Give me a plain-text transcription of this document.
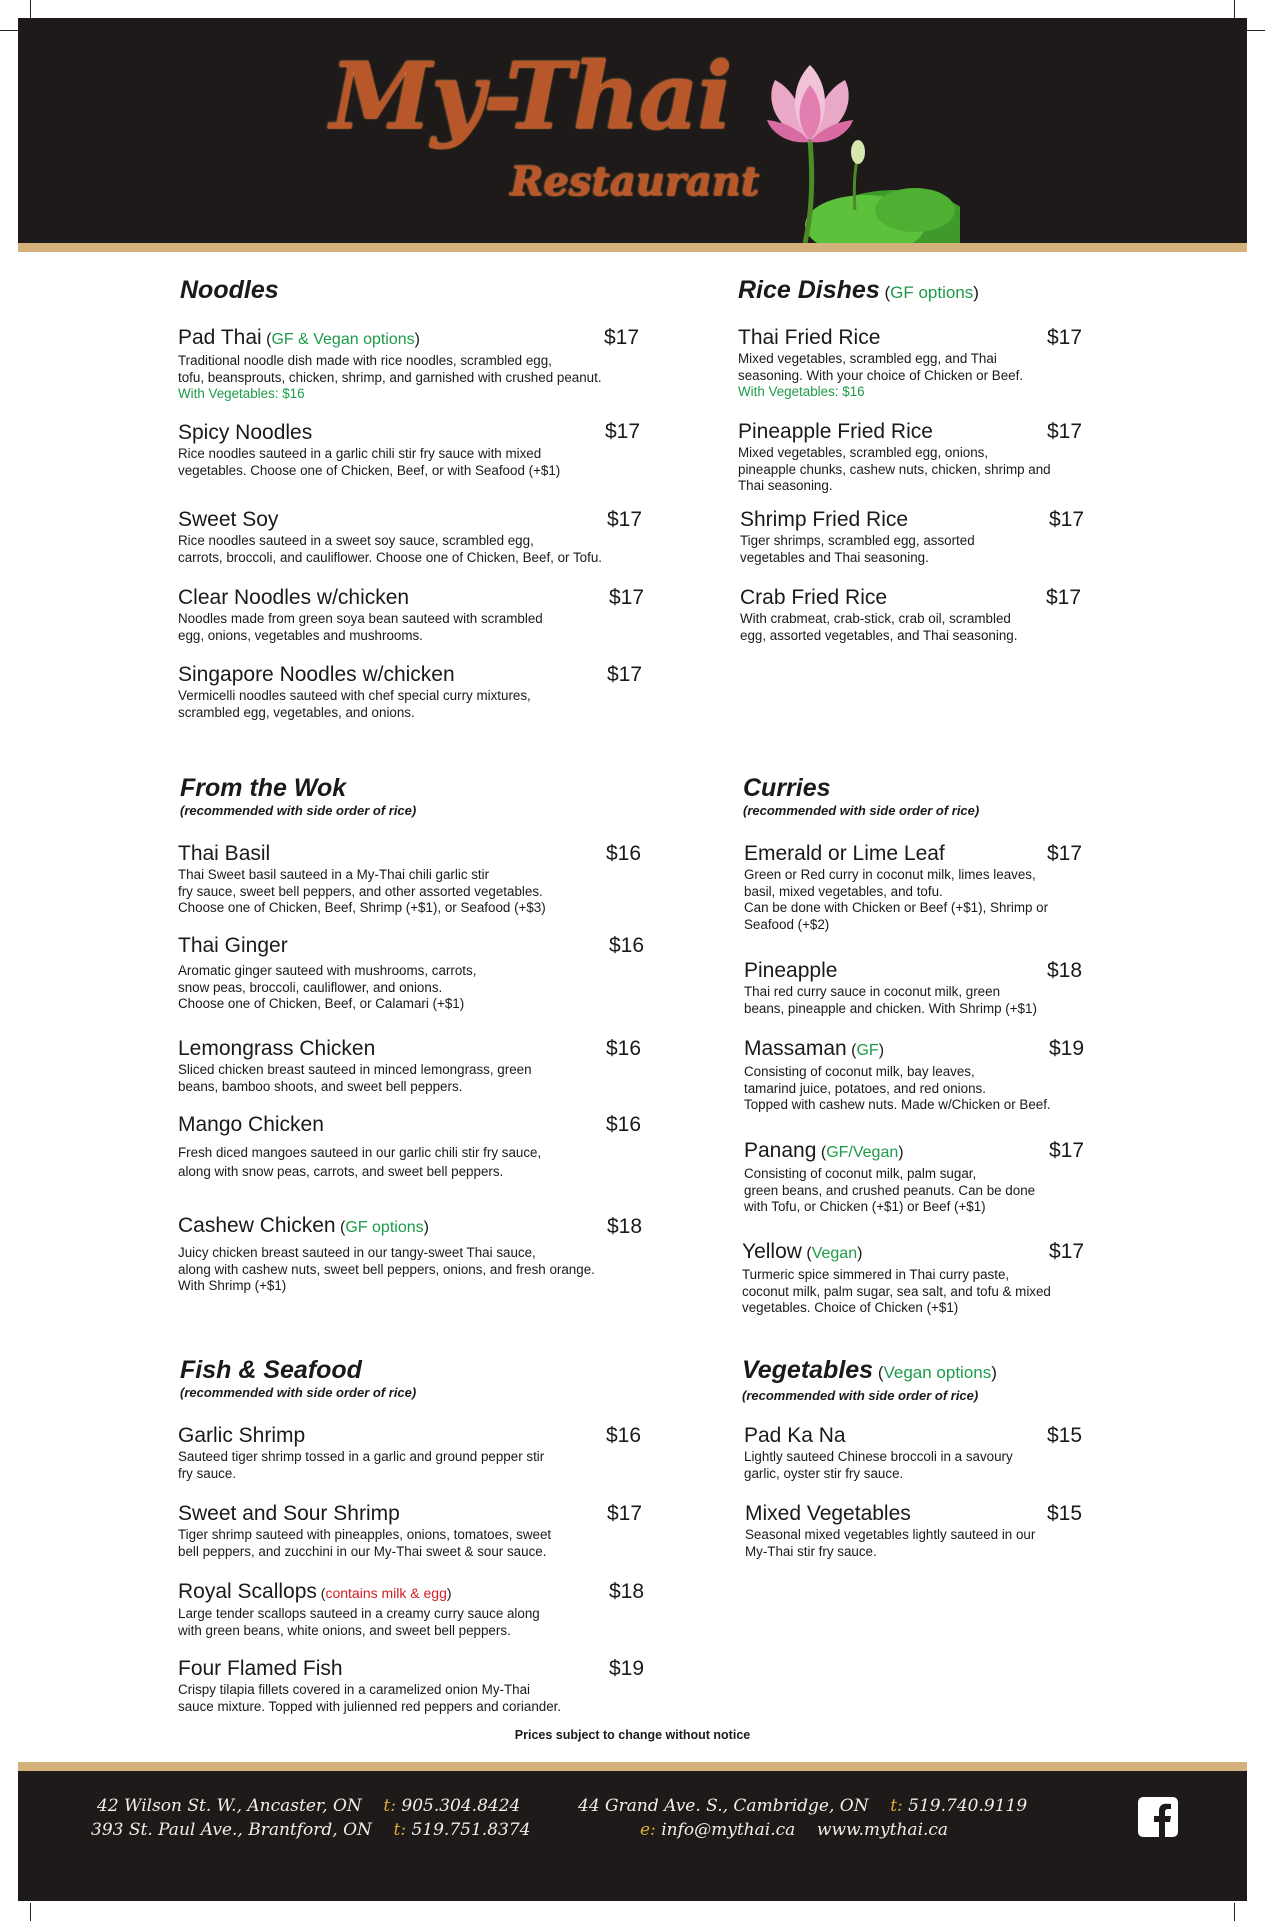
My-Thai
Restaurant
Noodles
Pad Thai (GF & Vegan options)
Traditional noodle dish made with rice noodles, scrambled egg,
tofu, beansprouts, chicken, shrimp, and garnished with crushed peanut.
With Vegetables: $16
$17
Spicy Noodles
Rice noodles sauteed in a garlic chili stir fry sauce with mixed
vegetables. Choose one of Chicken, Beef, or with Seafood (+$1)
$17
Sweet Soy
Rice noodles sauteed in a sweet soy sauce, scrambled egg,
carrots, broccoli, and cauliflower. Choose one of Chicken, Beef, or Tofu.
$17
Clear Noodles w/chicken
Noodles made from green soya bean sauteed with scrambled
egg, onions, vegetables and mushrooms.
$17
Singapore Noodles w/chicken
Vermicelli noodles sauteed with chef special curry mixtures,
scrambled egg, vegetables, and onions.
$17
Rice Dishes (GF options)
Thai Fried Rice
Mixed vegetables, scrambled egg, and Thai
seasoning. With your choice of Chicken or Beef.
With Vegetables: $16
$17
Pineapple Fried Rice
Mixed vegetables, scrambled egg, onions,
pineapple chunks, cashew nuts, chicken, shrimp and
Thai seasoning.
$17
Shrimp Fried Rice
Tiger shrimps, scrambled egg, assorted
vegetables and Thai seasoning.
$17
Crab Fried Rice
With crabmeat, crab-stick, crab oil, scrambled
egg, assorted vegetables, and Thai seasoning.
$17
From the Wok
(recommended with side order of rice)
Thai Basil
Thai Sweet basil sauteed in a My-Thai chili garlic stir
fry sauce, sweet bell peppers, and other assorted vegetables.
Choose one of Chicken, Beef, Shrimp (+$1), or Seafood (+$3)
$16
Thai Ginger
Aromatic ginger sauteed with mushrooms, carrots,
snow peas, broccoli, cauliflower, and onions.
Choose one of Chicken, Beef, or Calamari (+$1)
$16
Lemongrass Chicken
Sliced chicken breast sauteed in minced lemongrass, green
beans, bamboo shoots, and sweet bell peppers.
$16
Mango Chicken
Fresh diced mangoes sauteed in our garlic chili stir fry sauce,
along with snow peas, carrots, and sweet bell peppers.
$16
Cashew Chicken (GF options)
Juicy chicken breast sauteed in our tangy-sweet Thai sauce,
along with cashew nuts, sweet bell peppers, onions, and fresh orange.
With Shrimp (+$1)
$18
Curries
(recommended with side order of rice)
Emerald or Lime Leaf
Green or Red curry in coconut milk, limes leaves,
basil, mixed vegetables, and tofu.
Can be done with Chicken or Beef (+$1), Shrimp or
Seafood (+$2)
$17
Pineapple
Thai red curry sauce in coconut milk, green
beans, pineapple and chicken. With Shrimp (+$1)
$18
Massaman (GF)
Consisting of coconut milk, bay leaves,
tamarind juice, potatoes, and red onions.
Topped with cashew nuts. Made w/Chicken or Beef.
$19
Panang (GF/Vegan)
Consisting of coconut milk, palm sugar,
green beans, and crushed peanuts. Can be done
with Tofu, or Chicken (+$1) or Beef (+$1)
$17
Yellow (Vegan)
Turmeric spice simmered in Thai curry paste,
coconut milk, palm sugar, sea salt, and tofu & mixed
vegetables. Choice of Chicken (+$1)
$17
Fish & Seafood
(recommended with side order of rice)
Garlic Shrimp
Sauteed tiger shrimp tossed in a garlic and ground pepper stir
fry sauce.
$16
Sweet and Sour Shrimp
Tiger shrimp sauteed with pineapples, onions, tomatoes, sweet
bell peppers, and zucchini in our My-Thai sweet & sour sauce.
$17
Royal Scallops (contains milk & egg)
Large tender scallops sauteed in a creamy curry sauce along
with green beans, white onions, and sweet bell peppers.
$18
Four Flamed Fish
Crispy tilapia fillets covered in a caramelized onion My-Thai
sauce mixture. Topped with julienned red peppers and coriander.
$19
Vegetables (Vegan options)
(recommended with side order of rice)
Pad Ka Na
Lightly sauteed Chinese broccoli in a savoury
garlic, oyster stir fry sauce.
$15
Mixed Vegetables
Seasonal mixed vegetables lightly sauteed in our
My-Thai stir fry sauce.
$15
Prices subject to change without notice
42 Wilson St. W., Ancaster, ON t: 905.304.8424
393 St. Paul Ave., Brantford, ON t: 519.751.8374
44 Grand Ave. S., Cambridge, ON t: 519.740.9119
e: info@mythai.ca www.mythai.ca
